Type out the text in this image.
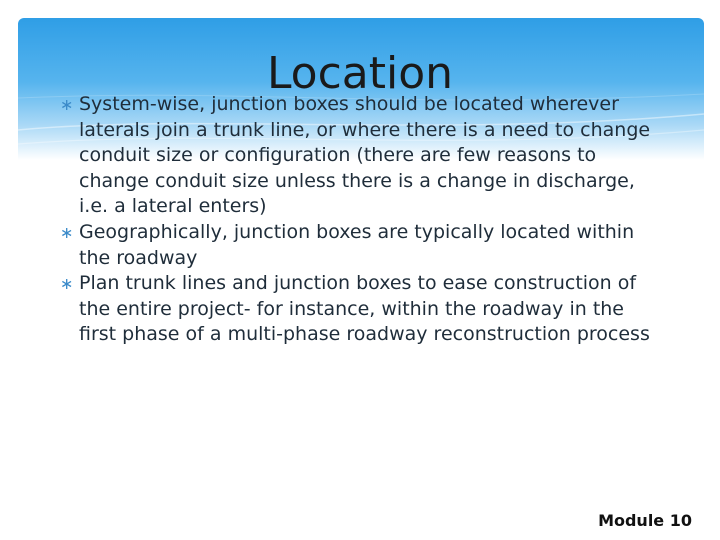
Location
∗ System-wise, junction boxes should be located wherever laterals join a trunk line, or where there is a need to change conduit size or configuration (there are few reasons to change conduit size unless there is a change in discharge, i.e. a lateral enters)
∗ Geographically, junction boxes are typically located within the roadway
∗ Plan trunk lines and junction boxes to ease construction of the entire project- for instance, within the roadway in the first phase of a multi-phase roadway reconstruction process
Module 10
